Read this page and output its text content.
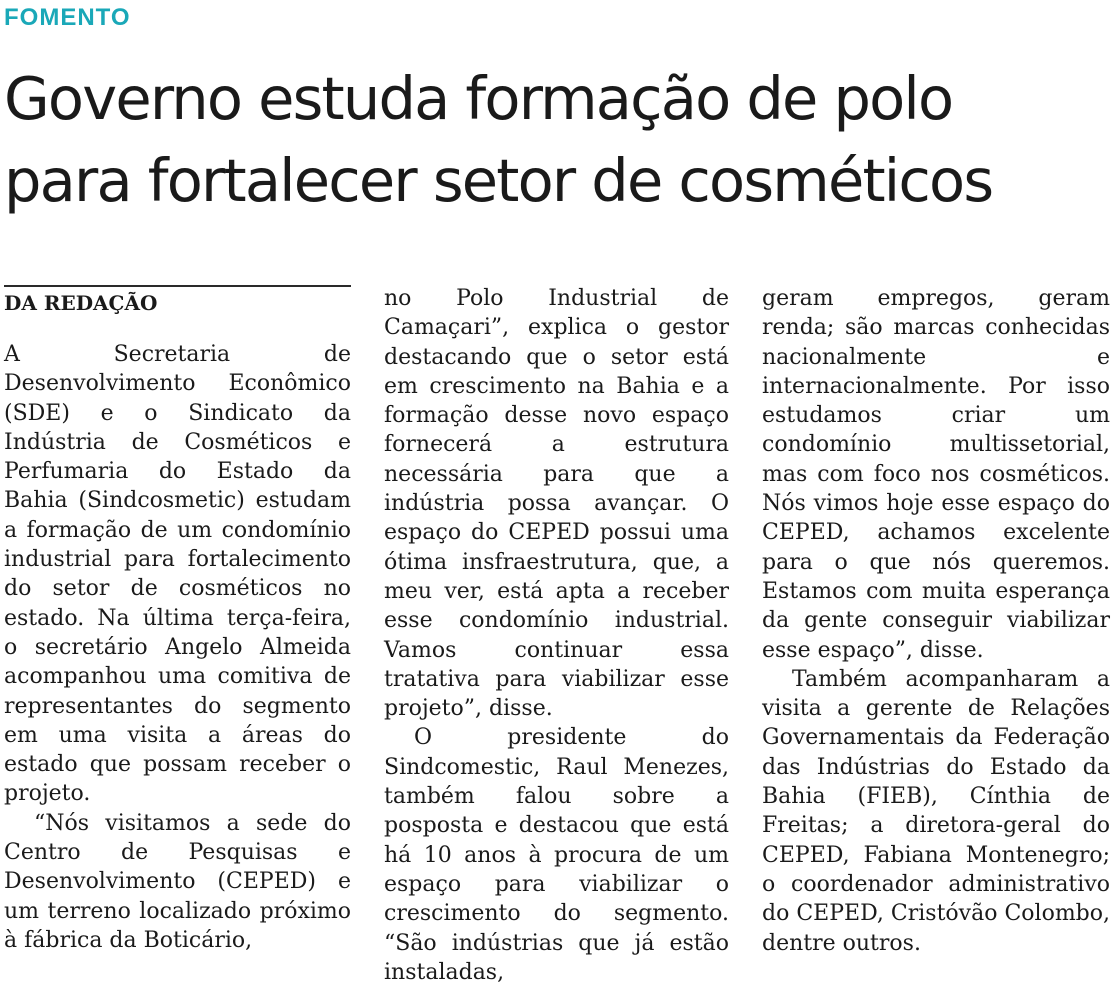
FOMENTO
Governo estuda formação de polo
para fortalecer setor de cosméticos
DA REDAÇÃO

A Secretaria de Desenvolvimento Econômico (SDE) e o Sindicato da Indústria de Cosméticos e Perfumaria do Estado da Bahia (Sindcosmetic) estudam a formação de um condomínio industrial para fortalecimento do setor de cosméticos no estado. Na última terça-feira, o secretário Angelo Almeida acompanhou uma comitiva de representantes do segmento em uma visita a áreas do estado que possam receber o projeto.

“Nós visitamos a sede do Centro de Pesquisas e Desenvolvimento (CEPED) e um terreno localizado próximo à fábrica da Boticário,

no Polo Industrial de Camaçari”, explica o gestor destacando que o setor está em crescimento na Bahia e a formação desse novo espaço fornecerá a estrutura necessária para que a indústria possa avançar. O espaço do CEPED possui uma ótima insfraestrutura, que, a meu ver, está apta a receber esse condomínio industrial. Vamos continuar essa tratativa para viabilizar esse projeto”, disse.

O presidente do Sindcomestic, Raul Menezes, também falou sobre a posposta e destacou que está há 10 anos à procura de um espaço para viabilizar o crescimento do segmento. “São indústrias que já estão instaladas,

geram empregos, geram renda; são marcas conhecidas nacionalmente e internacionalmente. Por isso estudamos criar um condomínio multissetorial, mas com foco nos cosméticos. Nós vimos hoje esse espaço do CEPED, achamos excelente para o que nós queremos. Estamos com muita esperança da gente conseguir viabilizar esse espaço”, disse.

Também acompanharam a visita a gerente de Relações Governamentais da Federação das Indústrias do Estado da Bahia (FIEB), Cínthia de Freitas; a diretora-geral do CEPED, Fabiana Montenegro; o coordenador administrativo do CEPED, Cristóvão Colombo, dentre outros.
